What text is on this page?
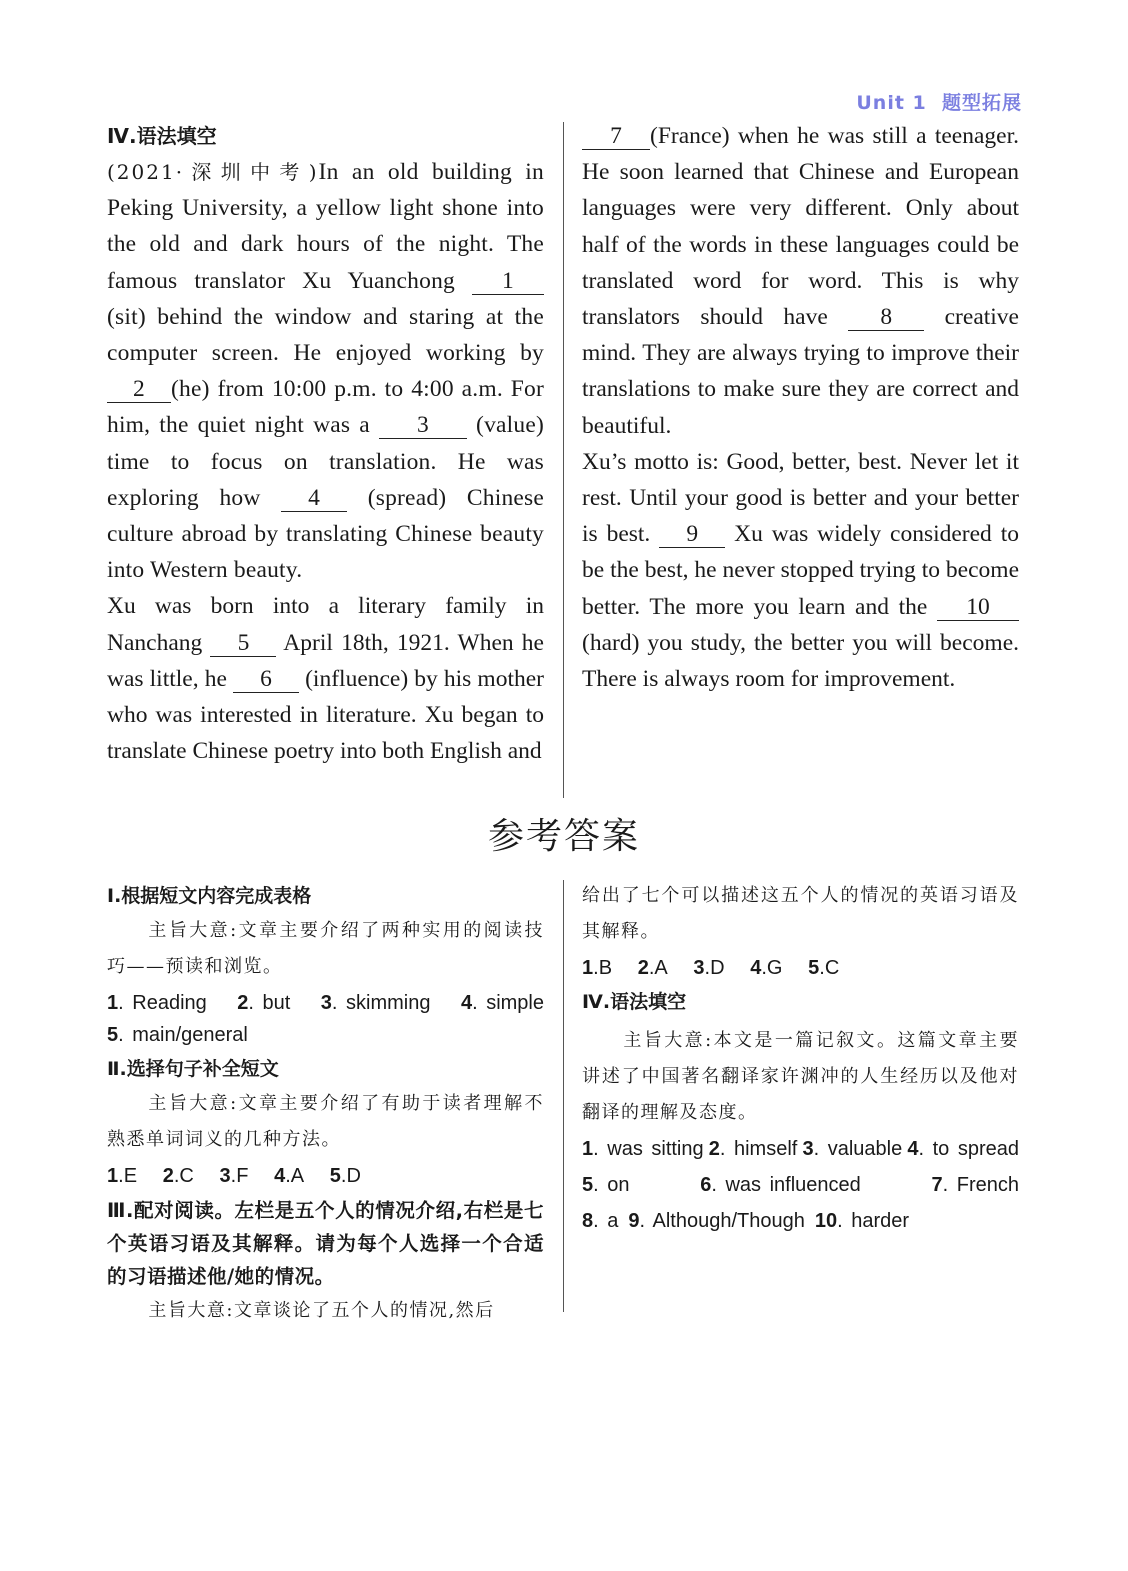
Unit 1 题型拓展

Ⅳ.语法填空

(2021·深圳中考)In an old building in Peking University, a yellow light shone into the old and dark hours of the night. The famous translator Xu Yuanchong 1 (sit) behind the window and staring at the computer screen. He enjoyed working by 2 (he) from 10:00 p.m. to 4:00 a.m. For him, the quiet night was a 3 (value) time to focus on translation. He was exploring how 4 (spread) Chinese culture abroad by translating Chinese beauty into Western beauty.

Xu was born into a literary family in Nanchang 5 April 18th, 1921. When he was little, he 6 (influence) by his mother who was interested in literature. Xu began to translate Chinese poetry into both English and

7 (France) when he was still a teenager. He soon learned that Chinese and European languages were very different. Only about half of the words in these languages could be translated word for word. This is why translators should have 8 creative mind. They are always trying to improve their translations to make sure they are correct and beautiful.

Xu’s motto is: Good, better, best. Never let it rest. Until your good is better and your better is best. 9 Xu was widely considered to be the best, he never stopped trying to become better. The more you learn and the 10(hard) you study, the better you will become. There is always room for improvement.

参考答案

Ⅰ.根据短文内容完成表格

主旨大意:文章主要介绍了两种实用的阅读技巧——预读和浏览。

1. Reading 2. but 3. skimming 4. simple
5. main/general

Ⅱ.选择句子补全短文

主旨大意:文章主要介绍了有助于读者理解不熟悉单词词义的几种方法。

1.E 2.C 3.F 4.A 5.D

Ⅲ.配对阅读。左栏是五个人的情况介绍,右栏是七个英语习语及其解释。请为每个人选择一个合适的习语描述他/她的情况。

主旨大意:文章谈论了五个人的情况,然后

给出了七个可以描述这五个人的情况的英语习语及其解释。

1.B 2.A 3.D 4.G 5.C

Ⅳ.语法填空

主旨大意:本文是一篇记叙文。这篇文章主要讲述了中国著名翻译家许渊冲的人生经历以及他对翻译的理解及态度。

1. was sitting 2. himself 3. valuable 4. to spread
5. on	6. was influenced	7. French
8. a 9. Although/Though 10. harder
